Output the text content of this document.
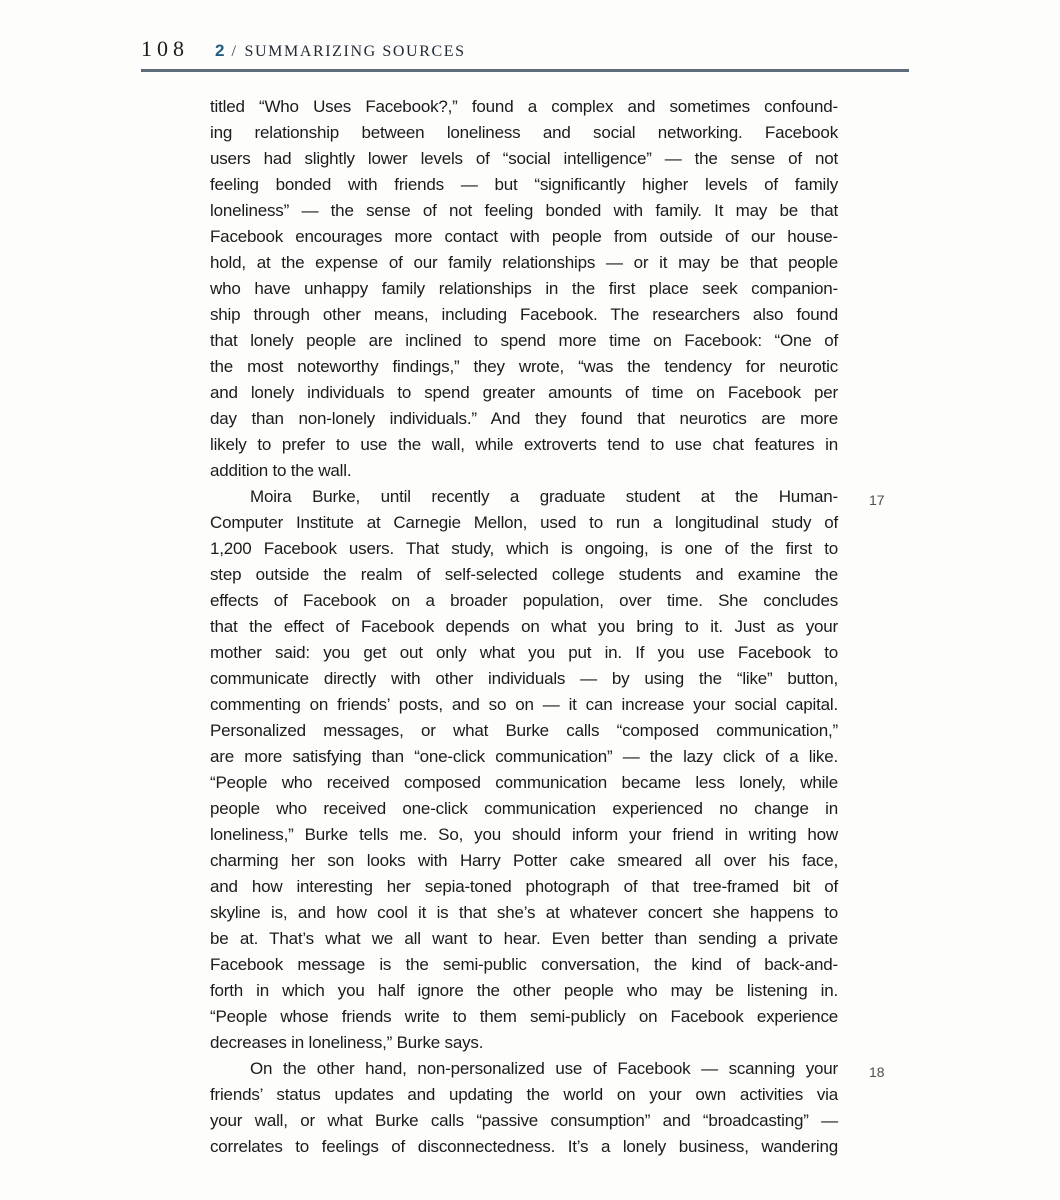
108 2 / SUMMARIZING SOURCES
titled “Who Uses Facebook?,” found a complex and sometimes confound-
ing relationship between loneliness and social networking. Facebook
users had slightly lower levels of “social intelligence” — the sense of not
feeling bonded with friends — but “significantly higher levels of family
loneliness” — the sense of not feeling bonded with family. It may be that
Facebook encourages more contact with people from outside of our house-
hold, at the expense of our family relationships — or it may be that people
who have unhappy family relationships in the first place seek companion-
ship through other means, including Facebook. The researchers also found
that lonely people are inclined to spend more time on Facebook: “One of
the most noteworthy findings,” they wrote, “was the tendency for neurotic
and lonely individuals to spend greater amounts of time on Facebook per
day than non-lonely individuals.” And they found that neurotics are more
likely to prefer to use the wall, while extroverts tend to use chat features in
addition to the wall.
17
Moira Burke, until recently a graduate student at the Human-
Computer Institute at Carnegie Mellon, used to run a longitudinal study of
1,200 Facebook users. That study, which is ongoing, is one of the first to
step outside the realm of self-selected college students and examine the
effects of Facebook on a broader population, over time. She concludes
that the effect of Facebook depends on what you bring to it. Just as your
mother said: you get out only what you put in. If you use Facebook to
communicate directly with other individuals — by using the “like” button,
commenting on friends’ posts, and so on — it can increase your social capital.
Personalized messages, or what Burke calls “composed communication,”
are more satisfying than “one-click communication” — the lazy click of a like.
“People who received composed communication became less lonely, while
people who received one-click communication experienced no change in
loneliness,” Burke tells me. So, you should inform your friend in writing how
charming her son looks with Harry Potter cake smeared all over his face,
and how interesting her sepia-toned photograph of that tree-framed bit of
skyline is, and how cool it is that she’s at whatever concert she happens to
be at. That’s what we all want to hear. Even better than sending a private
Facebook message is the semi-public conversation, the kind of back-and-
forth in which you half ignore the other people who may be listening in.
“People whose friends write to them semi-publicly on Facebook experience
decreases in loneliness,” Burke says.
18
On the other hand, non-personalized use of Facebook — scanning your
friends’ status updates and updating the world on your own activities via
your wall, or what Burke calls “passive consumption” and “broadcasting” —
correlates to feelings of disconnectedness. It’s a lonely business, wandering
